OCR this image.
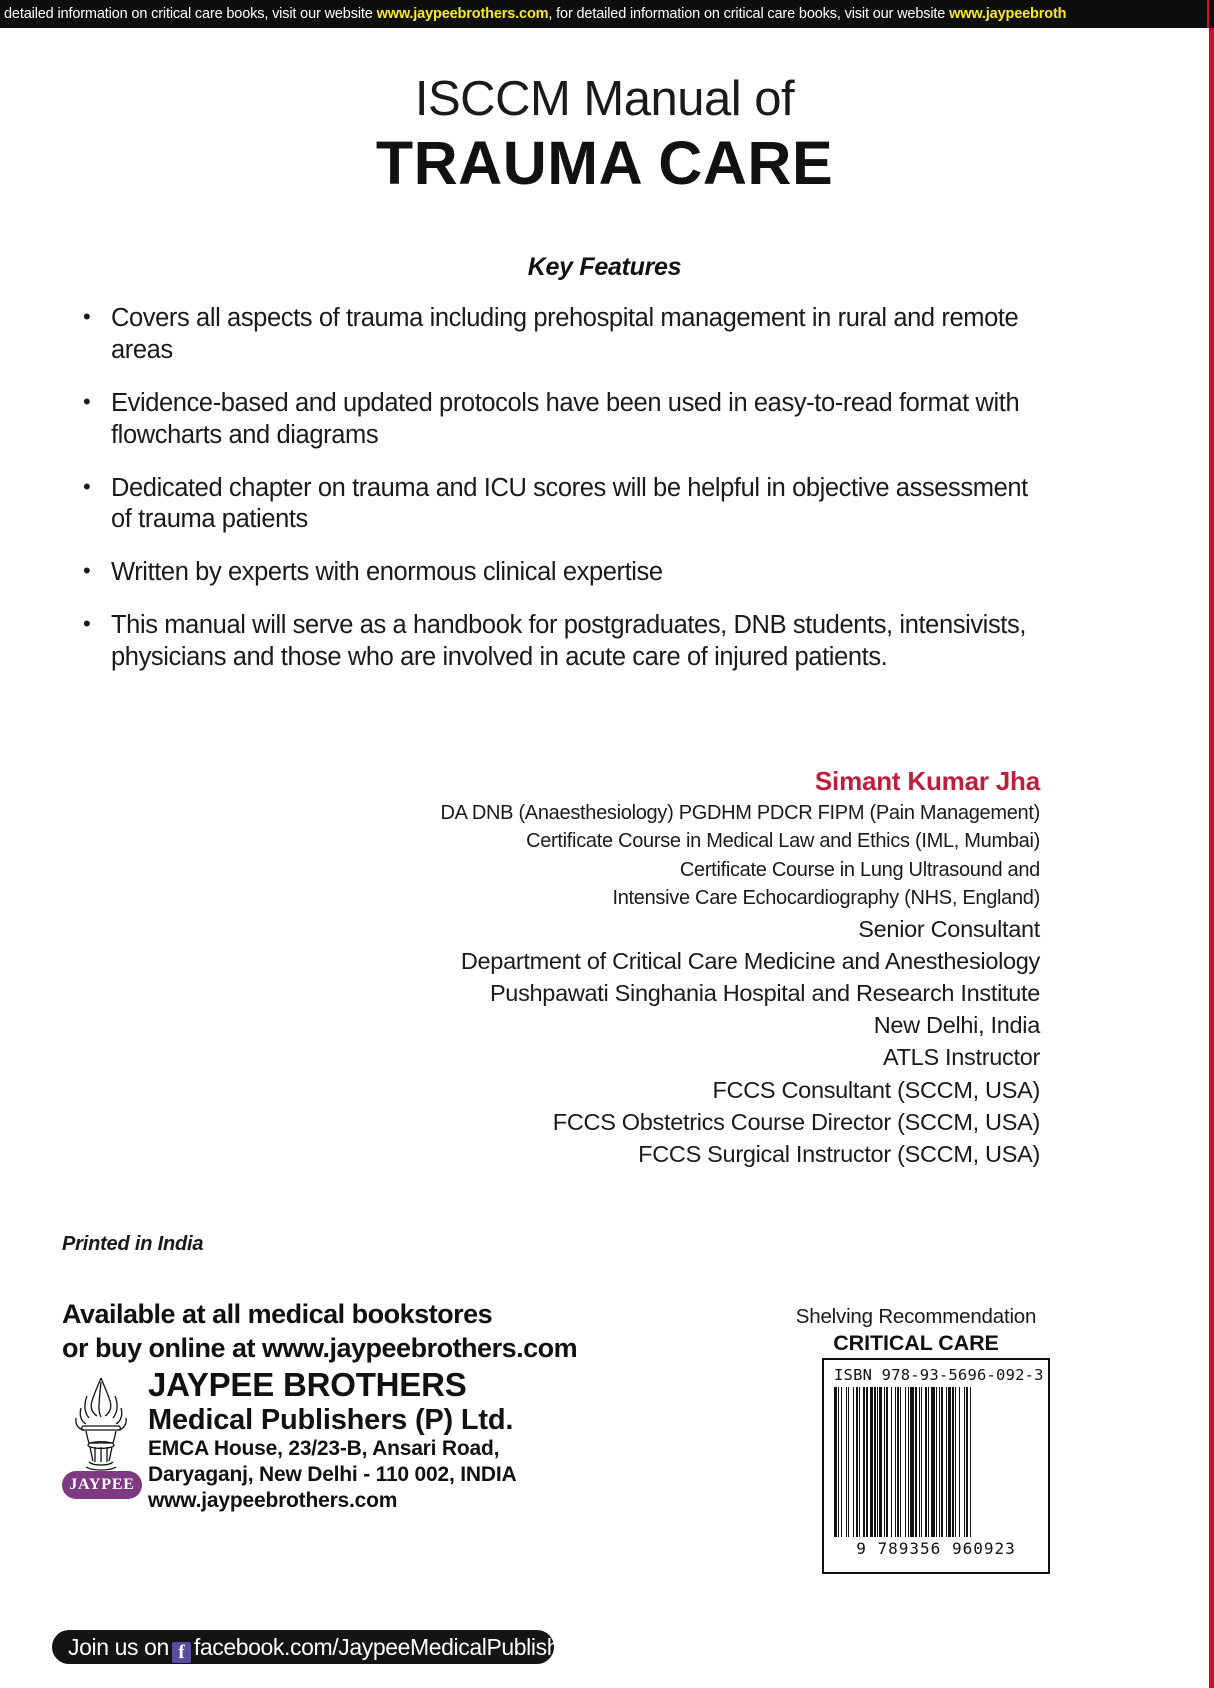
detailed information on critical care books, visit our website www.jaypeebrothers.com, for detailed information on critical care books, visit our website www.jaypeebroth
ISCCM Manual of
TRAUMA CARE
Key Features
• Covers all aspects of trauma including prehospital management in rural and remote areas
• Evidence-based and updated protocols have been used in easy-to-read format with flowcharts and diagrams
• Dedicated chapter on trauma and ICU scores will be helpful in objective assessment of trauma patients
• Written by experts with enormous clinical expertise
• This manual will serve as a handbook for postgraduates, DNB students, intensivists, physicians and those who are involved in acute care of injured patients.
Simant Kumar Jha
DA DNB (Anaesthesiology) PGDHM PDCR FIPM (Pain Management)
Certificate Course in Medical Law and Ethics (IML, Mumbai)
Certificate Course in Lung Ultrasound and
Intensive Care Echocardiography (NHS, England)
Senior Consultant
Department of Critical Care Medicine and Anesthesiology
Pushpawati Singhania Hospital and Research Institute
New Delhi, India
ATLS Instructor
FCCS Consultant (SCCM, USA)
FCCS Obstetrics Course Director (SCCM, USA)
FCCS Surgical Instructor (SCCM, USA)
Printed in India
Available at all medical bookstores
or buy online at www.jaypeebrothers.com
JAYPEE
JAYPEE BROTHERS
Medical Publishers (P) Ltd.
EMCA House, 23/23-B, Ansari Road,
Daryaganj, New Delhi - 110 002, INDIA
www.jaypeebrothers.com
Join us on f facebook.com/JaypeeMedicalPublishers
Shelving Recommendation
CRITICAL CARE
ISBN 978-93-5696-092-3
9 789356 960923
